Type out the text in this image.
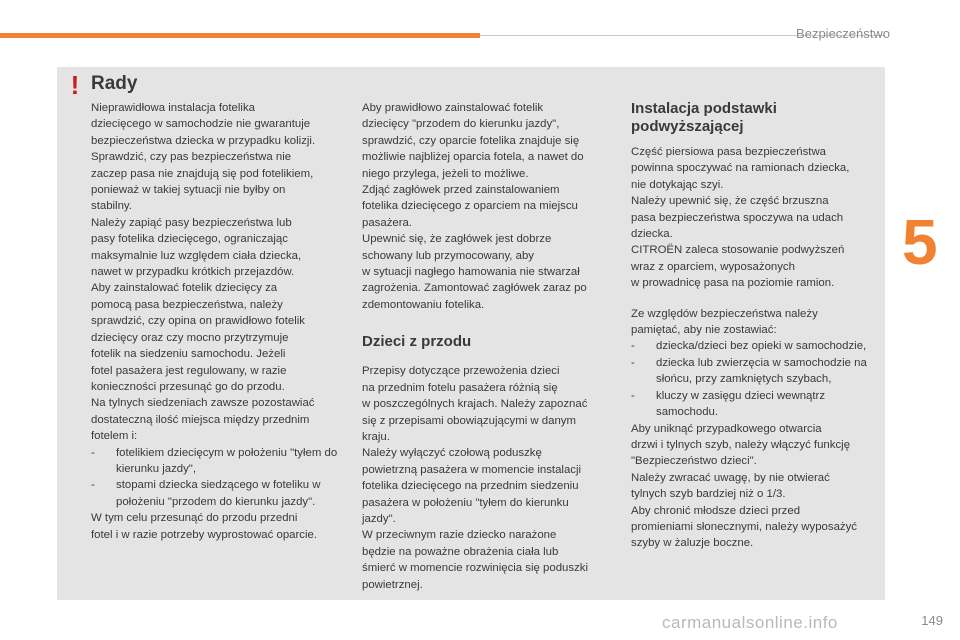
Bezpieczeństwo
5
! Rady

Nieprawidłowa instalacja fotelika
dziecięcego w samochodzie nie gwarantuje
bezpieczeństwa dziecka w przypadku kolizji.
Sprawdzić, czy pas bezpieczeństwa nie
zaczep pasa nie znajdują się pod fotelikiem,
ponieważ w takiej sytuacji nie byłby on
stabilny.
Należy zapiąć pasy bezpieczeństwa lub
pasy fotelika dziecięcego, ograniczając
maksymalnie luz względem ciała dziecka,
nawet w przypadku krótkich przejazdów.
Aby zainstalować fotelik dziecięcy za
pomocą pasa bezpieczeństwa, należy
sprawdzić, czy opina on prawidłowo fotelik
dziecięcy oraz czy mocno przytrzymuje
fotelik na siedzeniu samochodu. Jeżeli
fotel pasażera jest regulowany, w razie
konieczności przesunąć go do przodu.
Na tylnych siedzeniach zawsze pozostawiać
dostateczną ilość miejsca między przednim
fotelem i:

- fotelikiem dziecięcym w położeniu "tyłem do kierunku jazdy",

- stopami dziecka siedzącego w foteliku w położeniu "przodem do kierunku jazdy".

W tym celu przesunąć do przodu przedni
fotel i w razie potrzeby wyprostować oparcie.

Aby prawidłowo zainstalować fotelik
dziecięcy "przodem do kierunku jazdy",
sprawdzić, czy oparcie fotelika znajduje się
możliwie najbliżej oparcia fotela, a nawet do
niego przylega, jeżeli to możliwe.
Zdjąć zagłówek przed zainstalowaniem
fotelika dziecięcego z oparciem na miejscu
pasażera.
Upewnić się, że zagłówek jest dobrze
schowany lub przymocowany, aby
w sytuacji nagłego hamowania nie stwarzał
zagrożenia. Zamontować zagłówek zaraz po
zdemontowaniu fotelika.

Dzieci z przodu

Przepisy dotyczące przewożenia dzieci
na przednim fotelu pasażera różnią się
w poszczególnych krajach. Należy zapoznać
się z przepisami obowiązującymi w danym
kraju.
Należy wyłączyć czołową poduszkę
powietrzną pasażera w momencie instalacji
fotelika dziecięcego na przednim siedzeniu
pasażera w położeniu "tyłem do kierunku
jazdy".
W przeciwnym razie dziecko narażone
będzie na poważne obrażenia ciała lub
śmierć w momencie rozwinięcia się poduszki
powietrznej.

Instalacja podstawki
podwyższającej

Część piersiowa pasa bezpieczeństwa
powinna spoczywać na ramionach dziecka,
nie dotykając szyi.
Należy upewnić się, że część brzuszna
pasa bezpieczeństwa spoczywa na udach
dziecka.
CITROËN zaleca stosowanie podwyższeń
wraz z oparciem, wyposażonych
w prowadnicę pasa na poziomie ramion.

Ze względów bezpieczeństwa należy
pamiętać, aby nie zostawiać:

- dziecka/dzieci bez opieki w samochodzie,

- dziecka lub zwierzęcia w samochodzie na słońcu, przy zamkniętych szybach,

- kluczy w zasięgu dzieci wewnątrz samochodu.

Aby uniknąć przypadkowego otwarcia
drzwi i tylnych szyb, należy włączyć funkcję
"Bezpieczeństwo dzieci".
Należy zwracać uwagę, by nie otwierać
tylnych szyb bardziej niż o 1/3.
Aby chronić młodsze dzieci przed
promieniami słonecznymi, należy wyposażyć
szyby w żaluzje boczne.

carmanualsonline.info	149
